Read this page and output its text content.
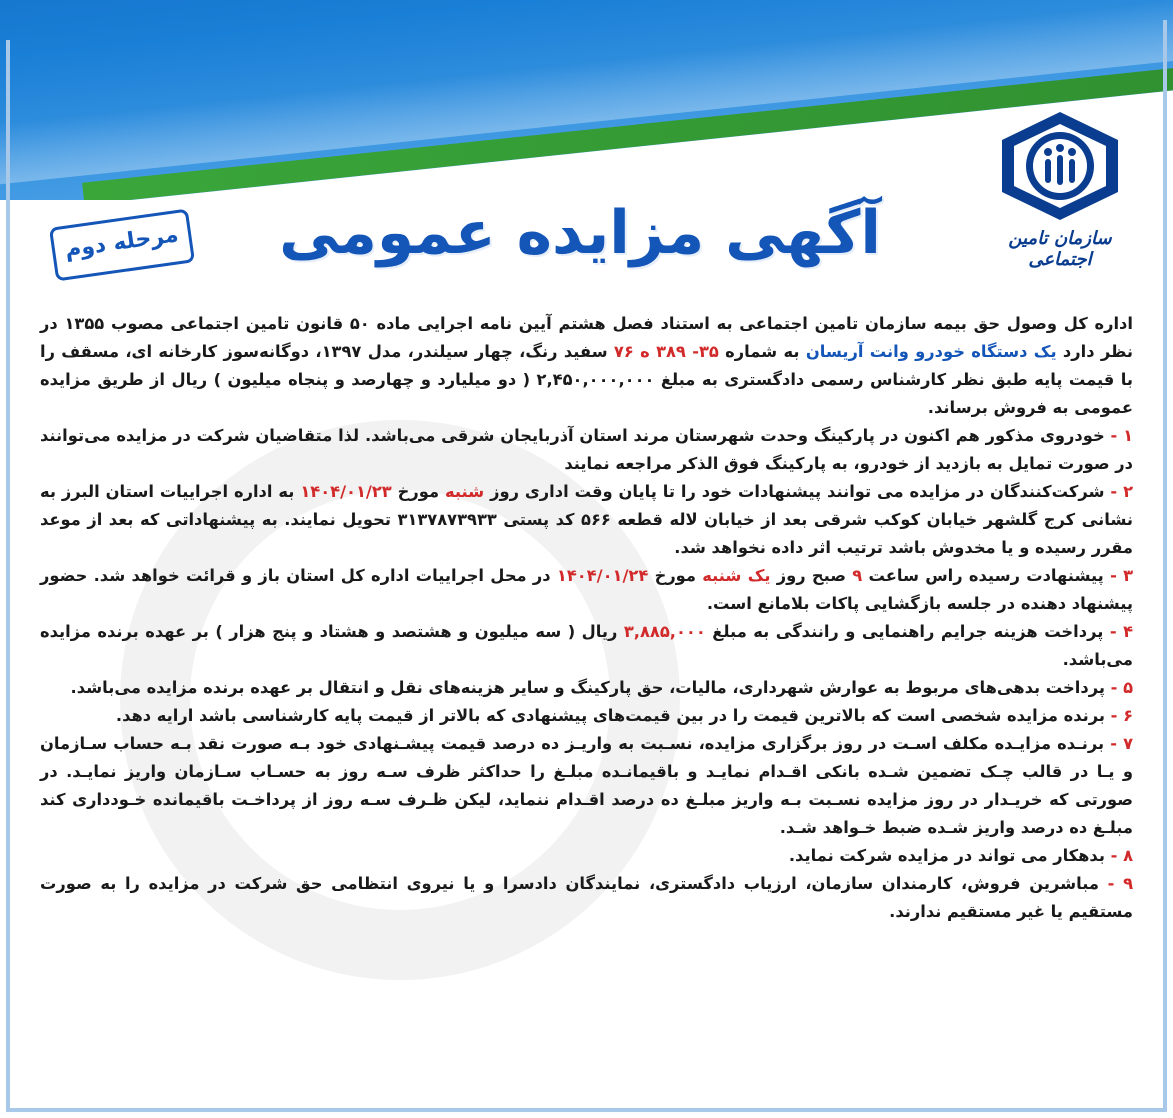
سازمان تامین اجتماعی
آگهی مزایده عمومی
مرحله دوم

اداره کل وصول حق بیمه سازمان تامین اجتماعی به استناد فصل هشتم آیین نامه اجرایی ماده ۵۰ قانون تامین اجتماعی مصوب ۱۳۵۵ در نظر دارد یک دستگاه خودرو وانت آریسان به شماره ۳۵- ۳۸۹ ه ۷۶ سفید رنگ، چهار سیلندر، مدل ۱۳۹۷، دوگانه‌سوز کارخانه ای، مسقف را با قیمت پایه طبق نظر کارشناس رسمی دادگستری به مبلغ ۲,۴۵۰,۰۰۰,۰۰۰ ( دو میلیارد و چهارصد و پنجاه میلیون ) ریال از طریق مزایده عمومی به فروش برساند.

۱ - خودروی مذکور هم اکنون در پارکینگ وحدت شهرستان مرند استان آذربایجان شرقی می‌باشد. لذا متقاضیان شرکت در مزایده می‌توانند در صورت تمایل به بازدید از خودرو، به پارکینگ فوق الذکر مراجعه نمایند

۲ - شرکت‌کنندگان در مزایده می توانند پیشنهادات خود را تا پایان وقت اداری روز شنبه مورخ ۱۴۰۴/۰۱/۲۳ به اداره اجراییات استان البرز به نشانی کرج گلشهر خیابان کوکب شرقی بعد از خیابان لاله قطعه ۵۶۶ کد پستی ۳۱۳۷۸۷۳۹۳۳ تحویل نمایند. به پیشنهاداتی که بعد از موعد مقرر رسیده و یا مخدوش باشد ترتیب اثر داده نخواهد شد.

۳ - پیشنهادت رسیده راس ساعت ۹ صبح روز یک شنبه مورخ ۱۴۰۴/۰۱/۲۴ در محل اجراییات اداره کل استان باز و قرائت خواهد شد. حضور پیشنهاد دهنده در جلسه بازگشایی پاکات بلامانع است.

۴ - پرداخت هزینه جرایم راهنمایی و رانندگی به مبلغ ۳,۸۸۵,۰۰۰ ریال ( سه میلیون و هشتصد و هشتاد و پنج هزار ) بر عهده برنده مزایده می‌باشد.

۵ - پرداخت بدهی‌های مربوط به عوارش شهرداری، مالیات، حق پارکینگ و سایر هزینه‌های نقل و انتقال بر عهده برنده مزایده می‌باشد.

۶ - برنده مزایده شخصی است که بالاترین قیمت را در بین قیمت‌های پیشنهادی که بالاتر از قیمت پایه کارشناسی باشد ارایه دهد.

۷ - برنـده مزایـده مکلف اسـت در روز برگزاری مزایده، نسـبت به واریـز ده درصد قیمت پیشـنهادی خود بـه صورت نقد بـه حساب سـازمان و یـا در قالب چـک تضمین شـده بانکی اقـدام نمایـد و باقیمانـده مبلـغ را حداکثر ظرف سـه روز به حسـاب سـازمان واریز نمایـد. در صورتی که خریـدار در روز مزایده نسـبت بـه واریز مبلـغ ده درصد اقـدام ننماید، لیکن ظـرف سـه روز از پرداخـت باقیمانده خـودداری کند مبلـغ ده درصد واریز شـده ضبط خـواهد شـد.

۸ - بدهکار می تواند در مزایده شرکت نماید.

۹ - مباشرین فروش، کارمندان سازمان، ارزیاب دادگستری، نمایندگان دادسرا و یا نیروی انتظامی حق شرکت در مزایده را به صورت مستقیم یا غیر مستقیم ندارند.
